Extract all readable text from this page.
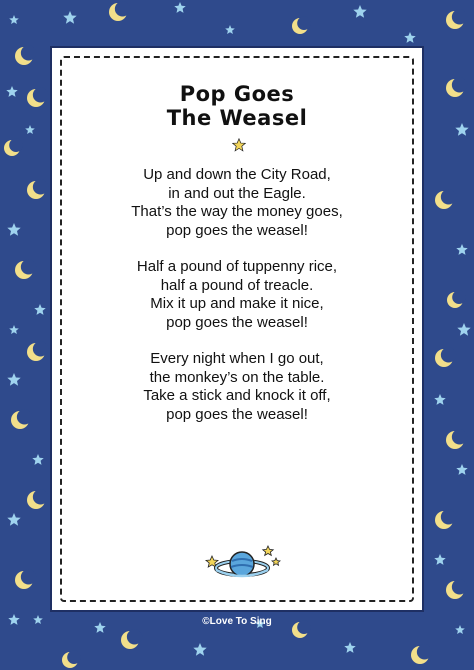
Pop Goes
The Weasel
Up and down the City Road,
in and out the Eagle.
That’s the way the money goes,
pop goes the weasel!
Half a pound of tuppenny rice,
half a pound of treacle.
Mix it up and make it nice,
pop goes the weasel!
Every night when I go out,
the monkey’s on the table.
Take a stick and knock it off,
pop goes the weasel!
©Love To Sing
